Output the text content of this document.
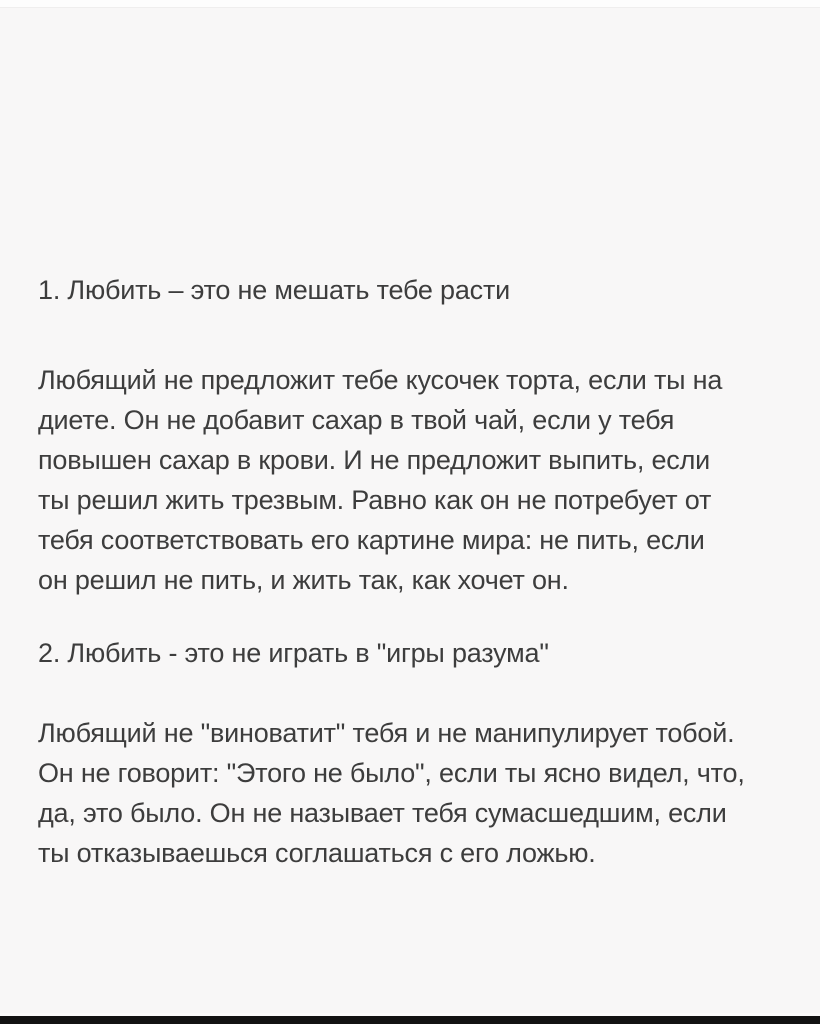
1. Любить – это не мешать тебе расти

Любящий не предложит тебе кусочек торта, если ты на
диете. Он не добавит сахар в твой чай, если у тебя
повышен сахар в крови. И не предложит выпить, если
ты решил жить трезвым. Равно как он не потребует от
тебя соответствовать его картине мира: не пить, если
он решил не пить, и жить так, как хочет он.

2. Любить - это не играть в "игры разума"

Любящий не "виноватит" тебя и не манипулирует тобой.
Он не говорит: "Этого не было", если ты ясно видел, что,
да, это было. Он не называет тебя сумасшедшим, если
ты отказываешься соглашаться с его ложью.
